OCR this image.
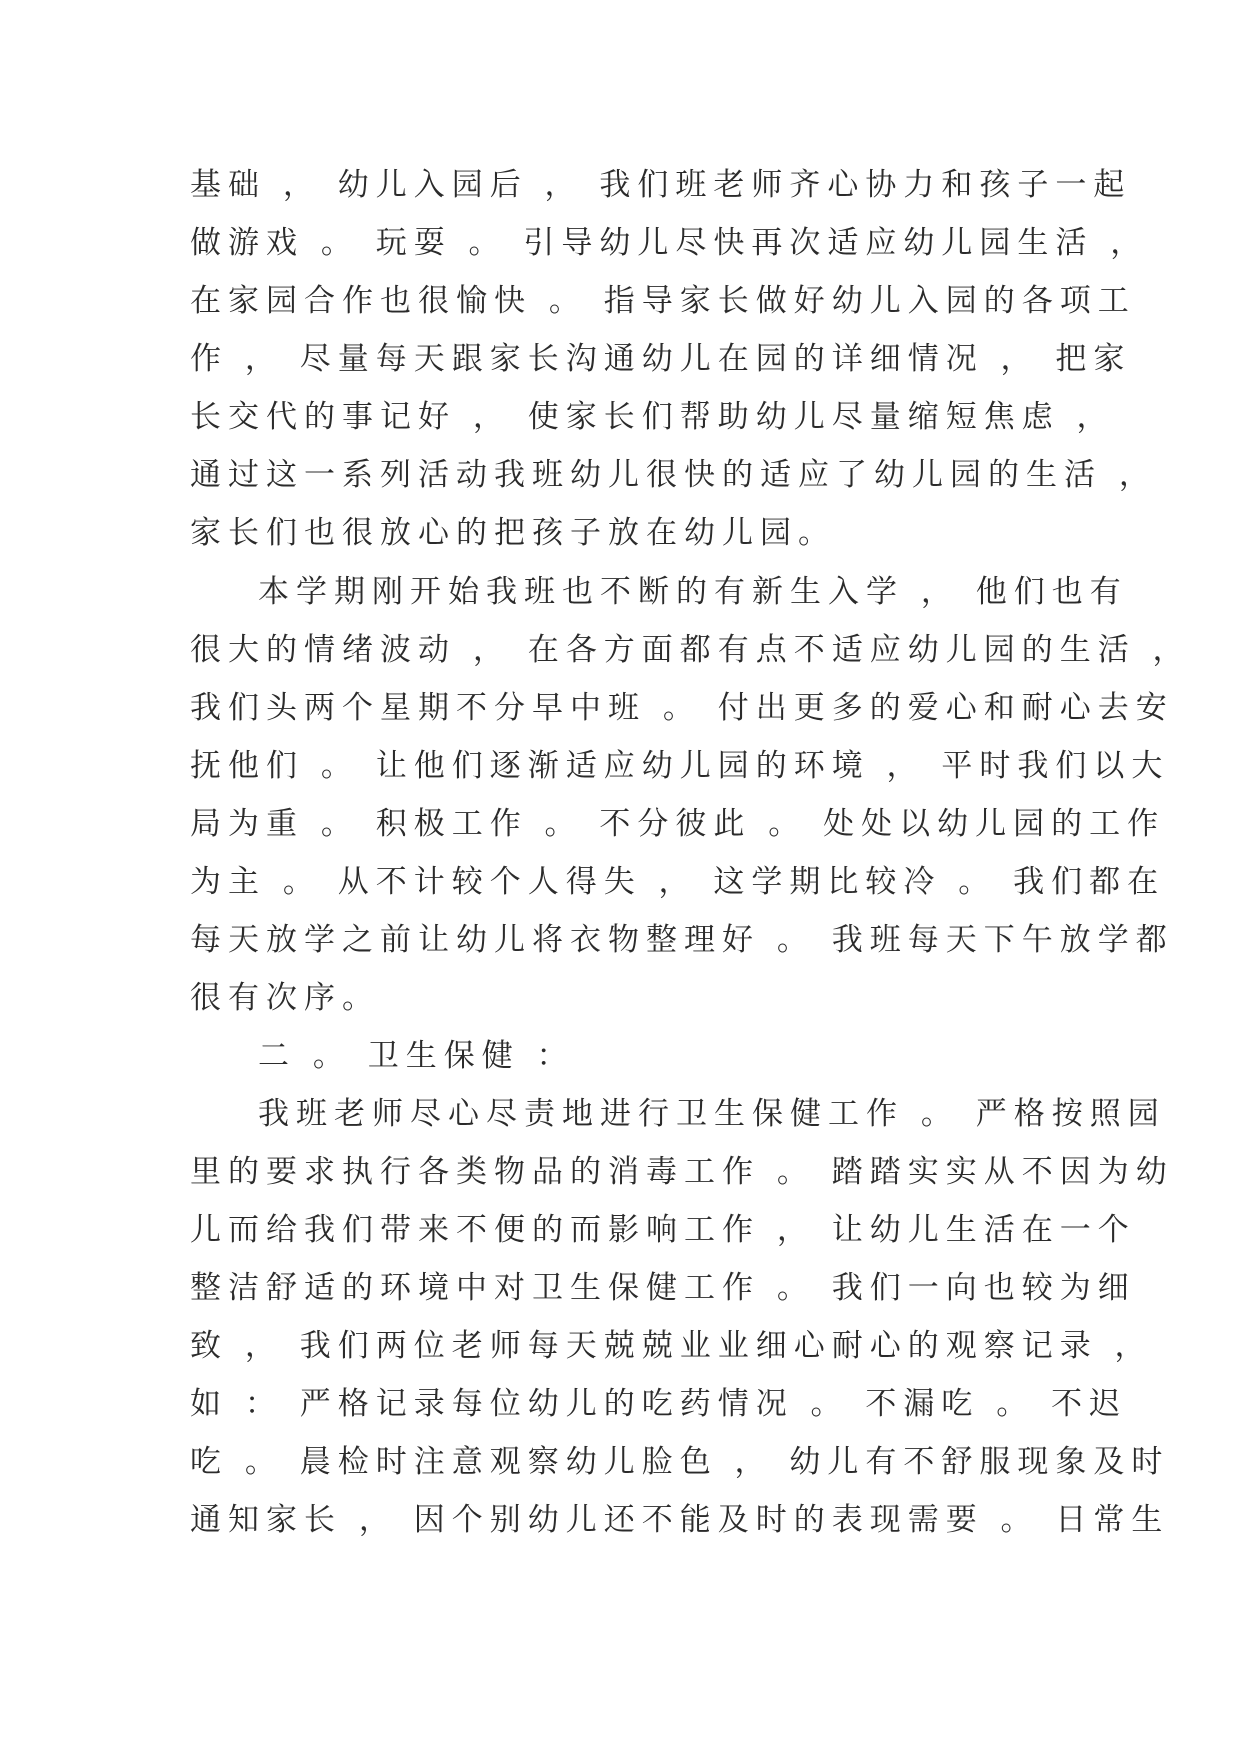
基础 ， 幼儿入园后 ， 我们班老师齐心协力和孩子一起
做游戏 。 玩耍 。 引导幼儿尽快再次适应幼儿园生活 ，
在家园合作也很愉快 。 指导家长做好幼儿入园的各项工
作 ， 尽量每天跟家长沟通幼儿在园的详细情况 ， 把家
长交代的事记好 ， 使家长们帮助幼儿尽量缩短焦虑 ，
通过这一系列活动我班幼儿很快的适应了幼儿园的生活 ，
家长们也很放心的把孩子放在幼儿园。
本学期刚开始我班也不断的有新生入学 ， 他们也有
很大的情绪波动 ， 在各方面都有点不适应幼儿园的生活 ，
我们头两个星期不分早中班 。 付出更多的爱心和耐心去安
抚他们 。 让他们逐渐适应幼儿园的环境 ， 平时我们以大
局为重 。 积极工作 。 不分彼此 。 处处以幼儿园的工作
为主 。 从不计较个人得失 ， 这学期比较冷 。 我们都在
每天放学之前让幼儿将衣物整理好 。 我班每天下午放学都
很有次序。
二 。 卫生保健 ：
我班老师尽心尽责地进行卫生保健工作 。 严格按照园
里的要求执行各类物品的消毒工作 。 踏踏实实从不因为幼
儿而给我们带来不便的而影响工作 ， 让幼儿生活在一个
整洁舒适的环境中对卫生保健工作 。 我们一向也较为细
致 ， 我们两位老师每天兢兢业业细心耐心的观察记录 ，
如 ： 严格记录每位幼儿的吃药情况 。 不漏吃 。 不迟
吃 。 晨检时注意观察幼儿脸色 ， 幼儿有不舒服现象及时
通知家长 ， 因个别幼儿还不能及时的表现需要 。 日常生
